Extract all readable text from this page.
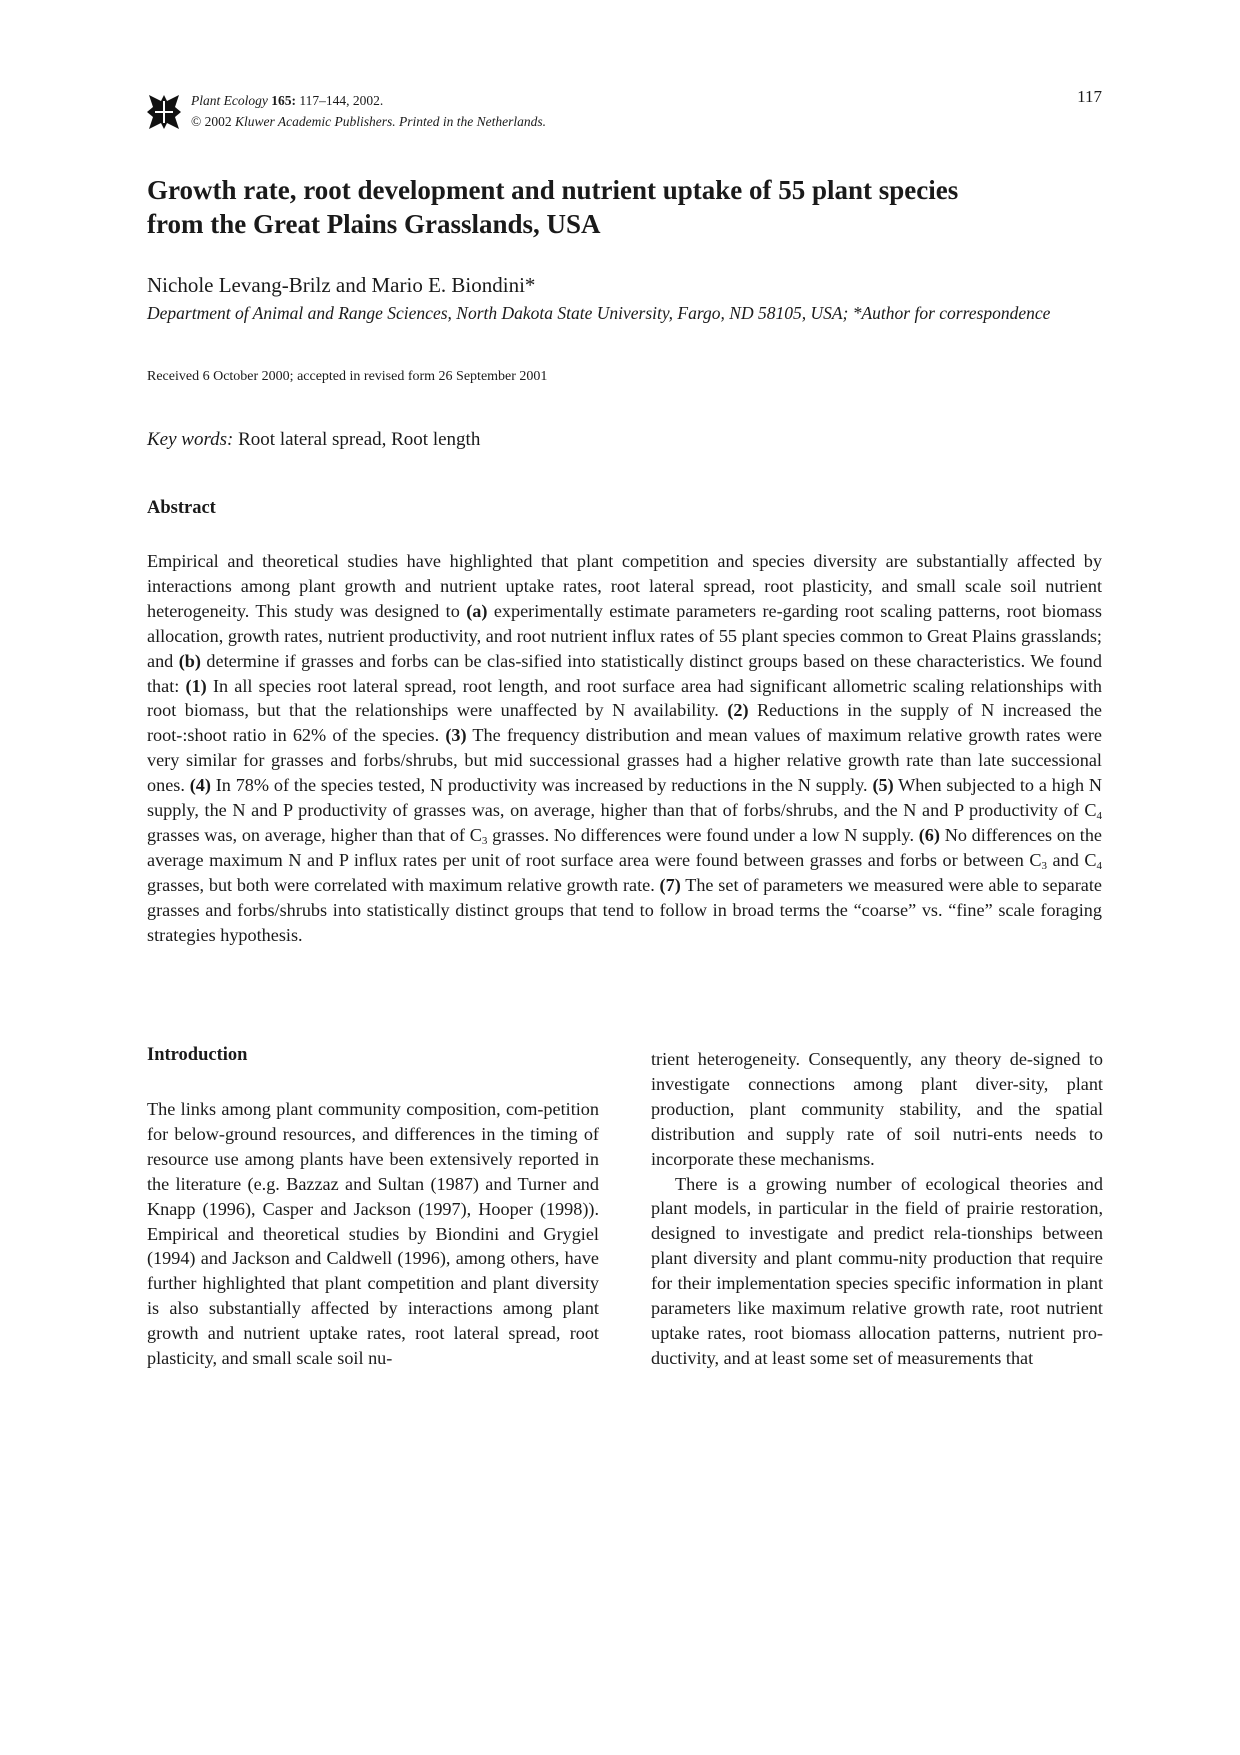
Plant Ecology 165: 117–144, 2002.
© 2002 Kluwer Academic Publishers. Printed in the Netherlands.
117
Growth rate, root development and nutrient uptake of 55 plant species
from the Great Plains Grasslands, USA

Nichole Levang-Brilz and Mario E. Biondini*

Department of Animal and Range Sciences, North Dakota State University, Fargo, ND 58105, USA; *Author for correspondence

Received 6 October 2000; accepted in revised form 26 September 2001

Key words: Root lateral spread, Root length

Abstract

Empirical and theoretical studies have highlighted that plant competition and species diversity are substantially affected by interactions among plant growth and nutrient uptake rates, root lateral spread, root plasticity, and small scale soil nutrient heterogeneity. This study was designed to (a) experimentally estimate parameters re-garding root scaling patterns, root biomass allocation, growth rates, nutrient productivity, and root nutrient influx rates of 55 plant species common to Great Plains grasslands; and (b) determine if grasses and forbs can be clas-sified into statistically distinct groups based on these characteristics. We found that: (1) In all species root lateral spread, root length, and root surface area had significant allometric scaling relationships with root biomass, but that the relationships were unaffected by N availability. (2) Reductions in the supply of N increased the root-:shoot ratio in 62% of the species. (3) The frequency distribution and mean values of maximum relative growth rates were very similar for grasses and forbs/shrubs, but mid successional grasses had a higher relative growth rate than late successional ones. (4) In 78% of the species tested, N productivity was increased by reductions in the N supply. (5) When subjected to a high N supply, the N and P productivity of grasses was, on average, higher than that of forbs/shrubs, and the N and P productivity of $C_4$ grasses was, on average, higher than that of $C_3$ grasses. No differences were found under a low N supply. (6) No differences on the average maximum N and P influx rates per unit of root surface area were found between grasses and forbs or between $C_3$ and $C_4$ grasses, but both were correlated with maximum relative growth rate. (7) The set of parameters we measured were able to separate grasses and forbs/shrubs into statistically distinct groups that tend to follow in broad terms the “coarse” vs. “fine” scale foraging strategies hypothesis.

Introduction

The links among plant community composition, com-petition for below-ground resources, and differences in the timing of resource use among plants have been extensively reported in the literature (e.g. Bazzaz and Sultan (1987) and Turner and Knapp (1996), Casper and Jackson (1997), Hooper (1998)). Empirical and theoretical studies by Biondini and Grygiel (1994) and Jackson and Caldwell (1996), among others, have further highlighted that plant competition and plant diversity is also substantially affected by interactions among plant growth and nutrient uptake rates, root lateral spread, root plasticity, and small scale soil nu-

trient heterogeneity. Consequently, any theory de-signed to investigate connections among plant diver-sity, plant production, plant community stability, and the spatial distribution and supply rate of soil nutri-ents needs to incorporate these mechanisms.

There is a growing number of ecological theories and plant models, in particular in the field of prairie restoration, designed to investigate and predict rela-tionships between plant diversity and plant commu-nity production that require for their implementation species specific information in plant parameters like maximum relative growth rate, root nutrient uptake rates, root biomass allocation patterns, nutrient pro-ductivity, and at least some set of measurements that
